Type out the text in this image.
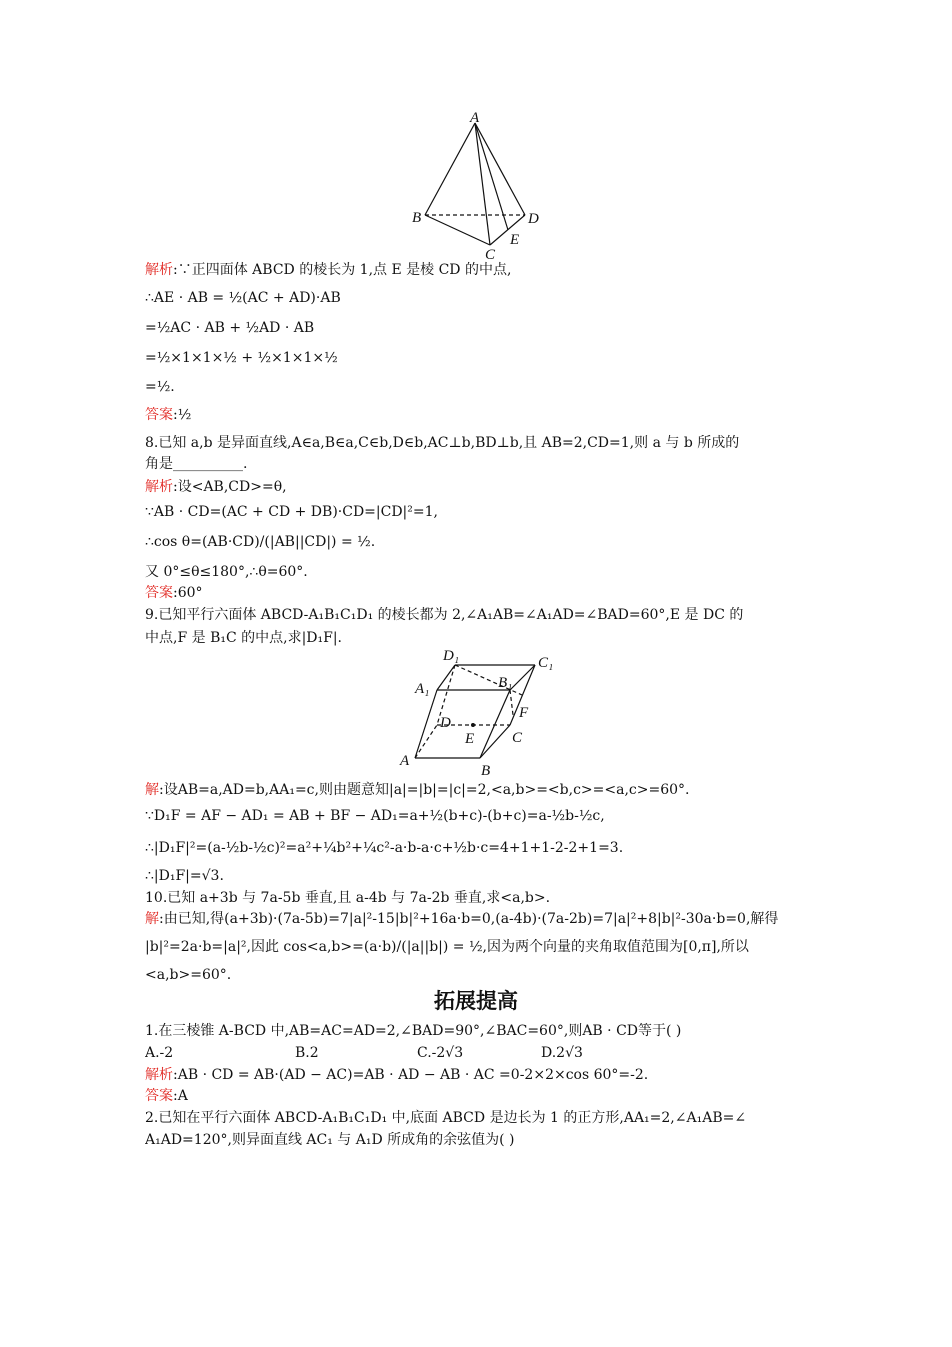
A
B	D
E
C
解析:∵正四面体 ABCD 的棱长为 1,点 E 是棱 CD 的中点,
∴AE · AB = ½(AC + AD)·AB
=½AC · AB + ½AD · AB
=½×1×1×½ + ½×1×1×½
=½.
答案:½
8.已知 a,b 是异面直线,A∈a,B∈a,C∈b,D∈b,AC⊥b,BD⊥b,且 AB=2,CD=1,则 a 与 b 所成的
角是__________.
解析:设<AB,CD>=θ,
∵AB · CD=(AC + CD + DB)·CD=|CD|²=1,
∴cos θ=(AB·CD)/(|AB||CD|) = ½.
又 0°≤θ≤180°,∴θ=60°.
答案:60°
9.已知平行六面体 ABCD-A₁B₁C₁D₁ 的棱长都为 2,∠A₁AB=∠A₁AD=∠BAD=60°,E 是 DC 的
中点,F 是 B₁C 的中点,求|D₁F|.
D₁	C₁
A₁	B₁
D
F
E	C
A
B
解:设AB=a,AD=b,AA₁=c,则由题意知|a|=|b|=|c|=2,<a,b>=<b,c>=<a,c>=60°.
∵D₁F = AF − AD₁ = AB + BF − AD₁=a+½(b+c)-(b+c)=a-½b-½c,
∴|D₁F|²=(a-½b-½c)²=a²+¼b²+¼c²-a·b-a·c+½b·c=4+1+1-2-2+1=3.
∴|D₁F|=√3.
10.已知 a+3b 与 7a-5b 垂直,且 a-4b 与 7a-2b 垂直,求<a,b>.
解:由已知,得(a+3b)·(7a-5b)=7|a|²-15|b|²+16a·b=0,(a-4b)·(7a-2b)=7|a|²+8|b|²-30a·b=0,解得
|b|²=2a·b=|a|²,因此 cos<a,b>=(a·b)/(|a||b|) = ½,因为两个向量的夹角取值范围为[0,π],所以
<a,b>=60°.
拓展提高
1.在三棱锥 A-BCD 中,AB=AC=AD=2,∠BAD=90°,∠BAC=60°,则AB · CD等于( )
A.-2	B.2	C.-2√3	D.2√3
解析:AB · CD = AB·(AD − AC)=AB · AD − AB · AC =0-2×2×cos 60°=-2.
答案:A
2.已知在平行六面体 ABCD-A₁B₁C₁D₁ 中,底面 ABCD 是边长为 1 的正方形,AA₁=2,∠A₁AB=∠
A₁AD=120°,则异面直线 AC₁ 与 A₁D 所成角的余弦值为( )
